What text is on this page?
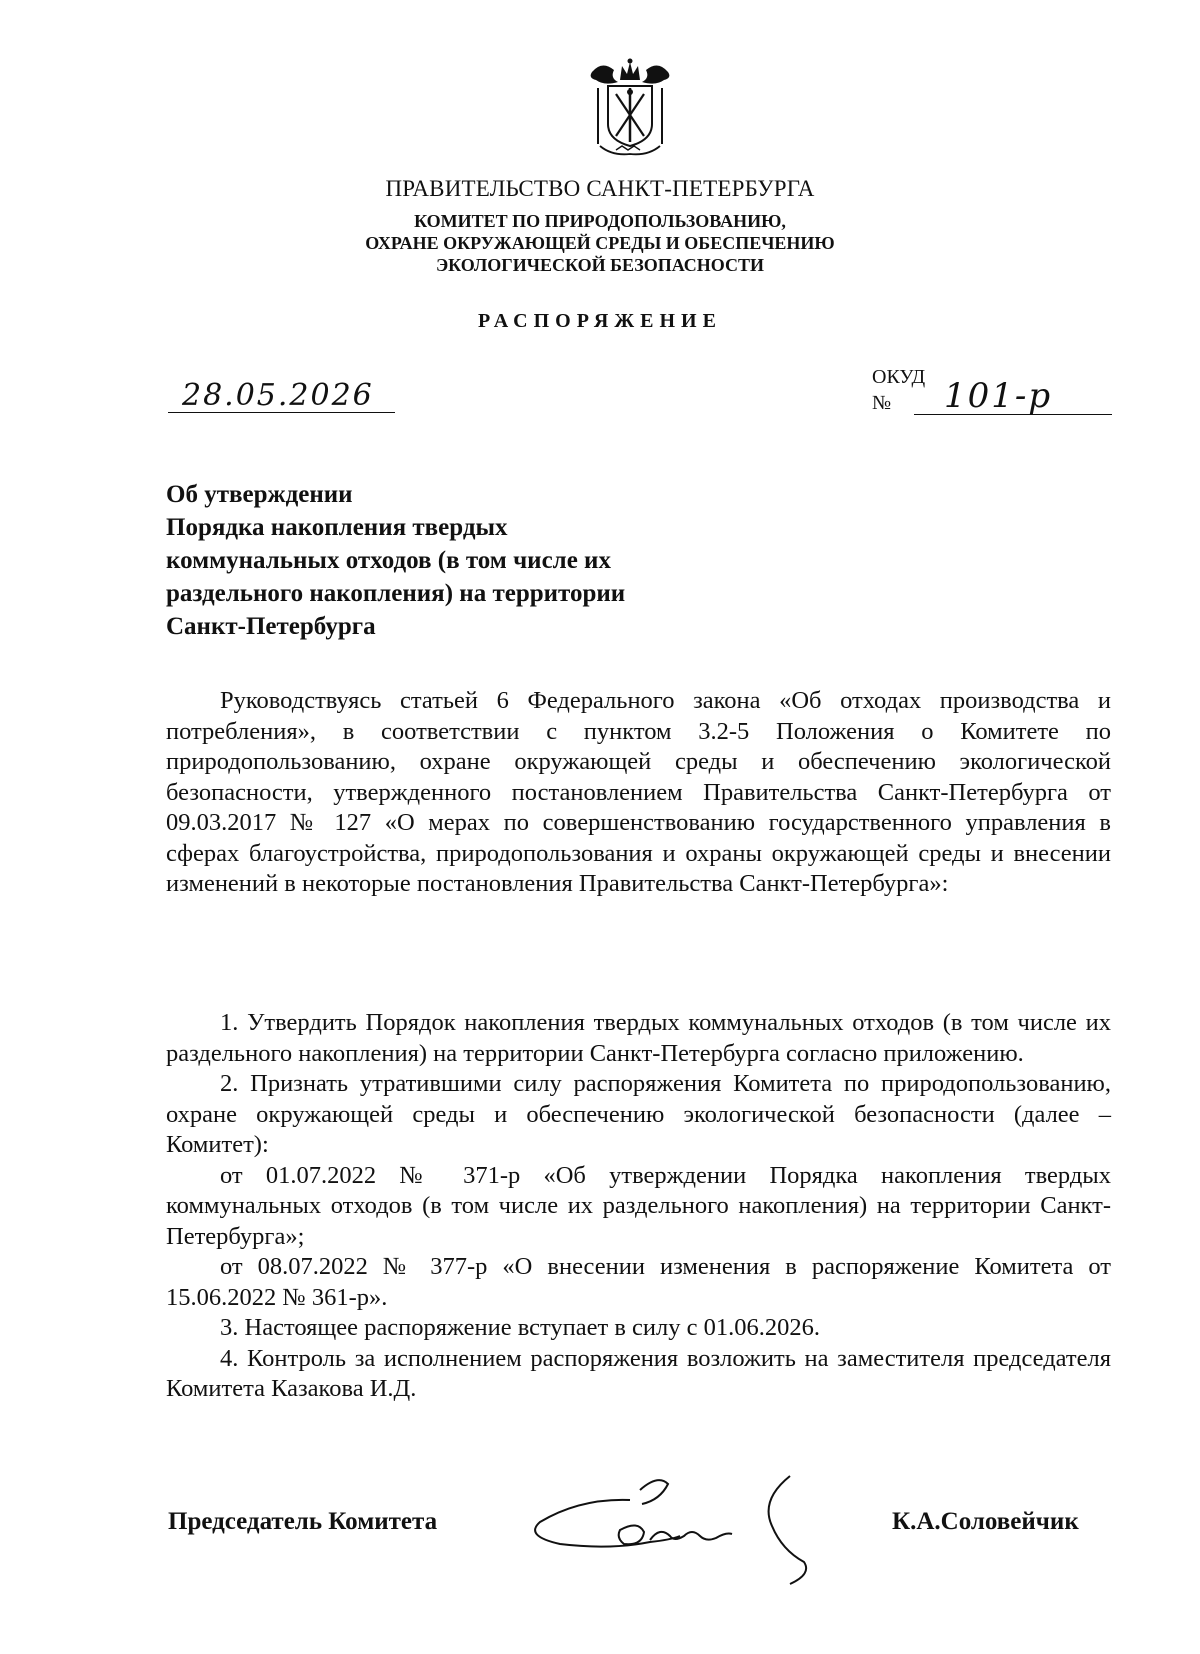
ПРАВИТЕЛЬСТВО САНКТ-ПЕТЕРБУРГА
КОМИТЕТ ПО ПРИРОДОПОЛЬЗОВАНИЮ,
ОХРАНЕ ОКРУЖАЮЩЕЙ СРЕДЫ И ОБЕСПЕЧЕНИЮ
ЭКОЛОГИЧЕСКОЙ БЕЗОПАСНОСТИ
РАСПОРЯЖЕНИЕ
28.05.2026
ОКУД
№ 101-р
Об утверждении
Порядка накопления твердых
коммунальных отходов (в том числе их
раздельного накопления) на территории
Санкт-Петербурга

Руководствуясь статьей 6 Федерального закона «Об отходах производства и потребления», в соответствии с пунктом 3.2-5 Положения о Комитете по природопользованию, охране окружающей среды и обеспечению экологической безопасности, утвержденного постановлением Правительства Санкт-Петербурга от 09.03.2017 № 127 «О мерах по совершенствованию государственного управления в сферах благоустройства, природопользования и охраны окружающей среды и внесении изменений в некоторые постановления Правительства Санкт-Петербурга»:

1. Утвердить Порядок накопления твердых коммунальных отходов (в том числе их раздельного накопления) на территории Санкт-Петербурга согласно приложению.

2. Признать утратившими силу распоряжения Комитета по природопользованию, охране окружающей среды и обеспечению экологической безопасности (далее – Комитет):

от 01.07.2022 № 371-р «Об утверждении Порядка накопления твердых коммунальных отходов (в том числе их раздельного накопления) на территории Санкт-Петербурга»;

от 08.07.2022 № 377-р «О внесении изменения в распоряжение Комитета от 15.06.2022 № 361-р».

3. Настоящее распоряжение вступает в силу с 01.06.2026.

4. Контроль за исполнением распоряжения возложить на заместителя председателя Комитета Казакова И.Д.

Председатель Комитета	К.А.Соловейчик
